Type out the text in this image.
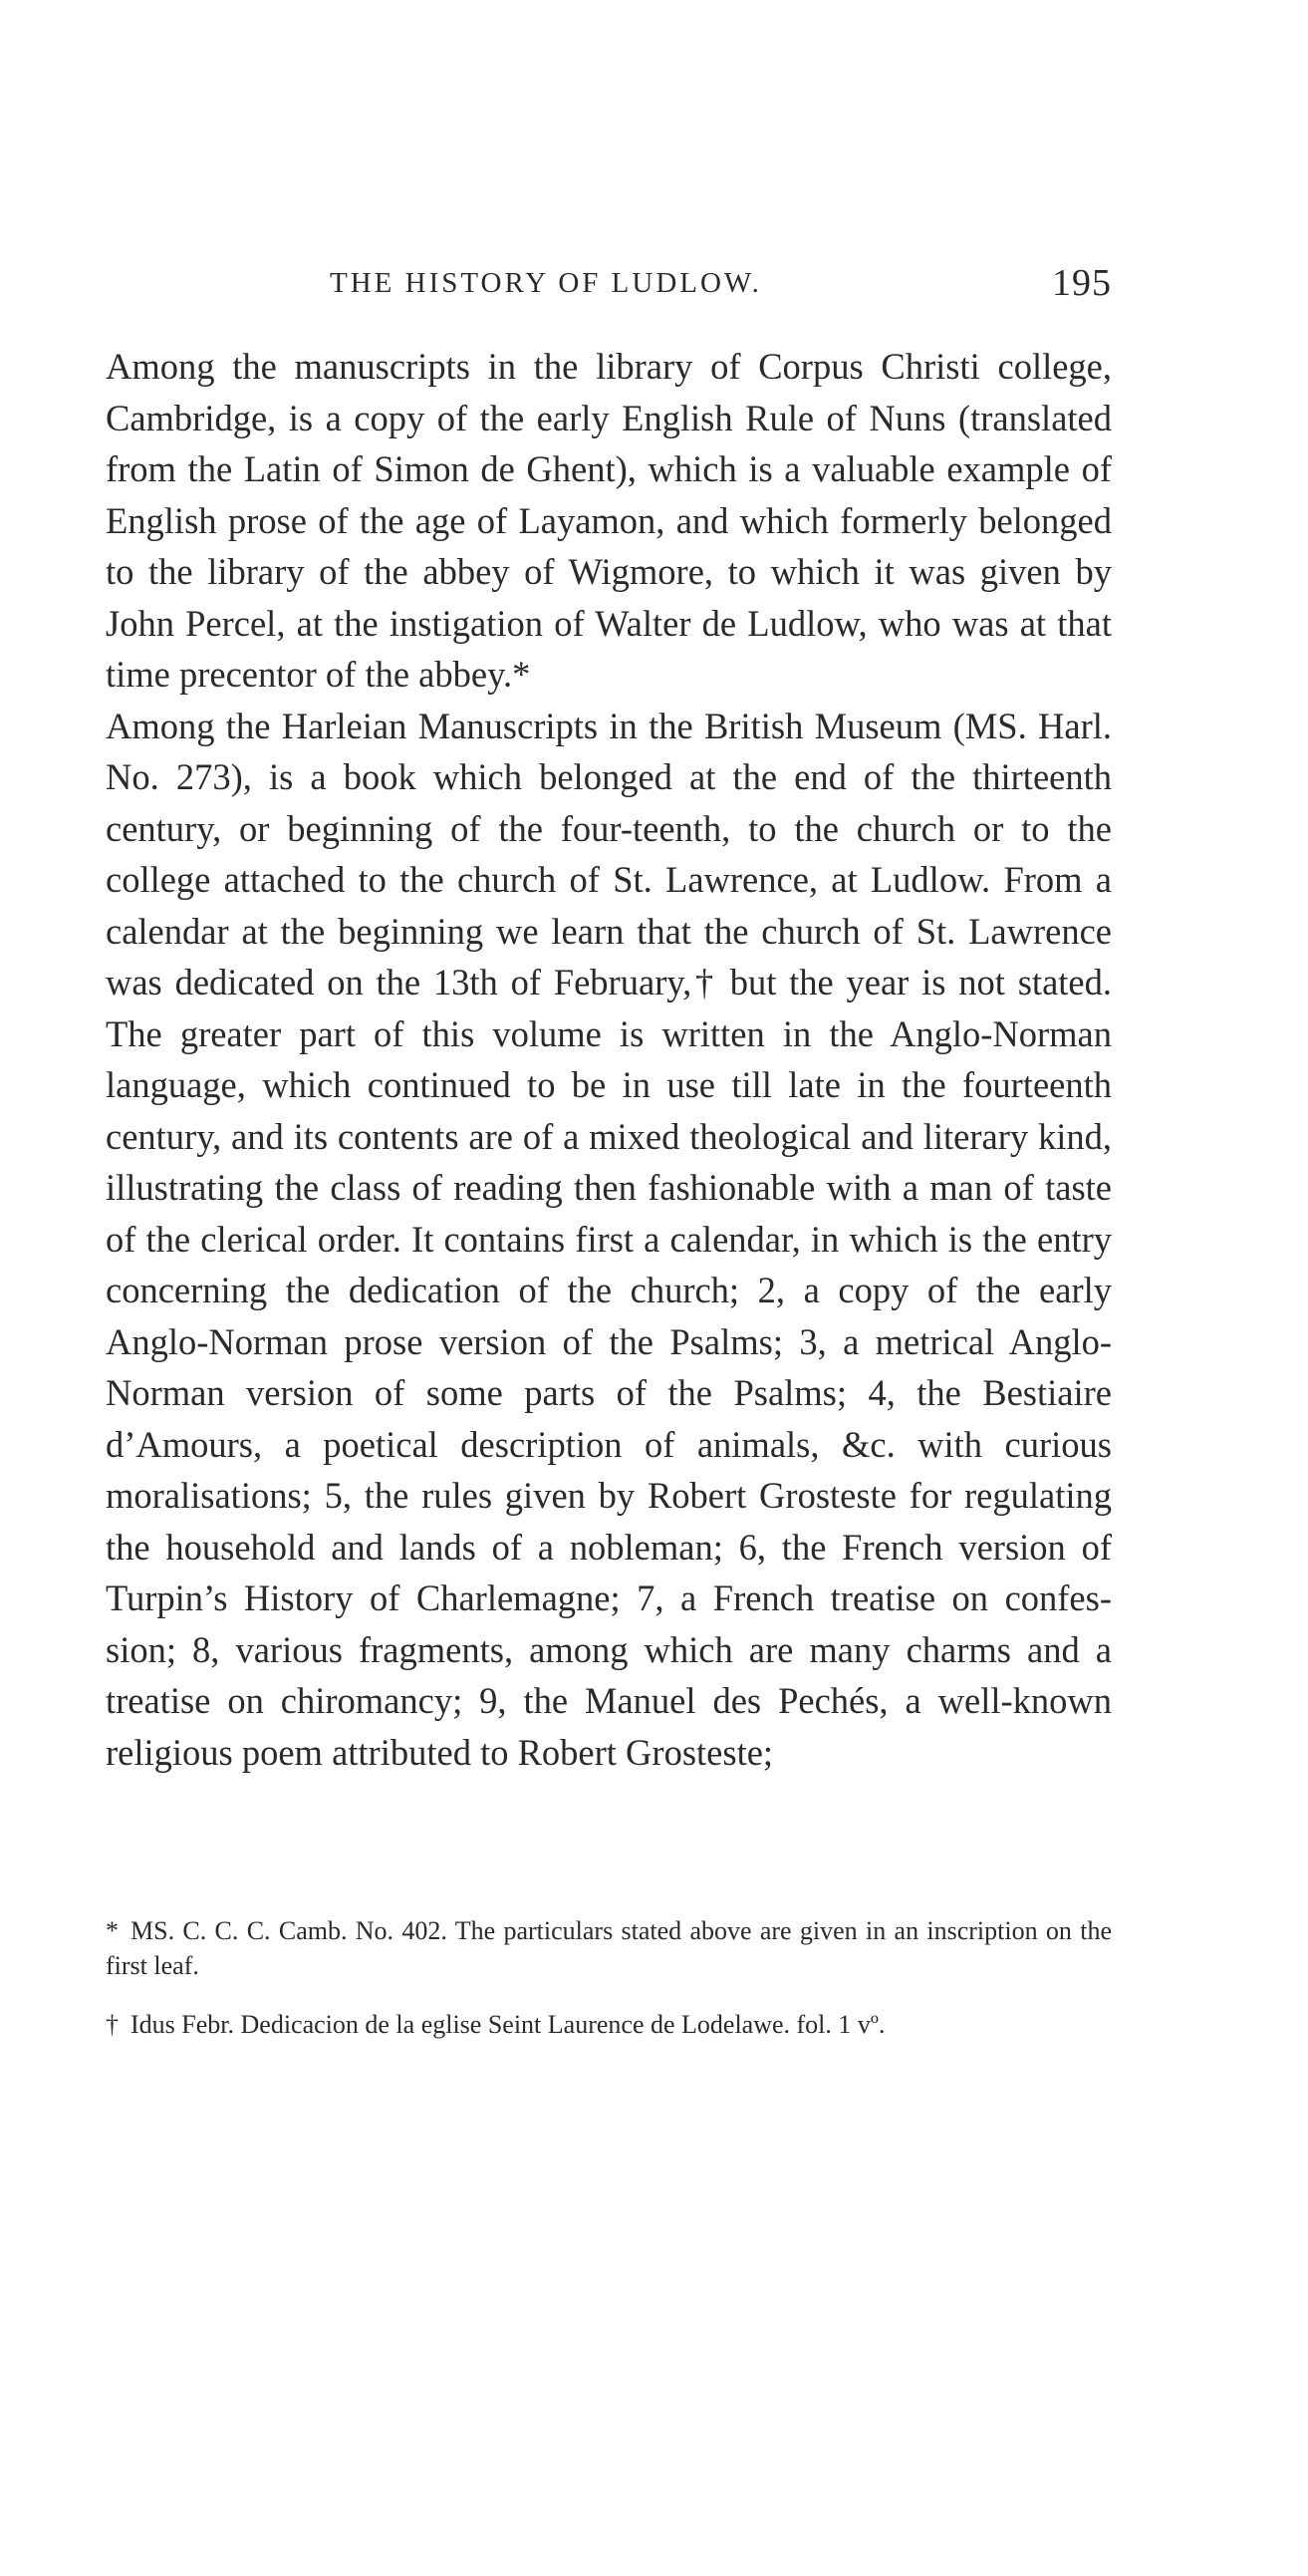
THE HISTORY OF LUDLOW.	195

Among the manuscripts in the library of Corpus Christi college, Cambridge, is a copy of the early English Rule of Nuns (translated from the Latin of Simon de Ghent), which is a valuable example of English prose of the age of Layamon, and which formerly belonged to the library of the abbey of Wigmore, to which it was given by John Percel, at the instigation of Walter de Ludlow, who was at that time precentor of the abbey.*

Among the Harleian Manuscripts in the British Museum (MS. Harl. No. 273), is a book which belonged at the end of the thirteenth century, or beginning of the four-teenth, to the church or to the college attached to the church of St. Lawrence, at Ludlow. From a calendar at the beginning we learn that the church of St. Lawrence was dedicated on the 13th of February,† but the year is not stated. The greater part of this volume is written in the Anglo-Norman language, which continued to be in use till late in the fourteenth century, and its contents are of a mixed theological and literary kind, illustrating the class of reading then fashionable with a man of taste of the clerical order. It contains first a calendar, in which is the entry concerning the dedication of the church; 2, a copy of the early Anglo-Norman prose version of the Psalms; 3, a metrical Anglo-Norman version of some parts of the Psalms; 4, the Bestiaire d’Amours, a poetical description of animals, &c. with curious moralisations; 5, the rules given by Robert Grosteste for regulating the household and lands of a nobleman; 6, the French version of Turpin’s History of Charlemagne; 7, a French treatise on confes-sion; 8, various fragments, among which are many charms and a treatise on chiromancy; 9, the Manuel des Pechés, a well-known religious poem attributed to Robert Grosteste;

* MS. C. C. C. Camb. No. 402. The particulars stated above are given in an inscription on the first leaf.

† Idus Febr. Dedicacion de la eglise Seint Laurence de Lodelawe. fol. 1 vº.
